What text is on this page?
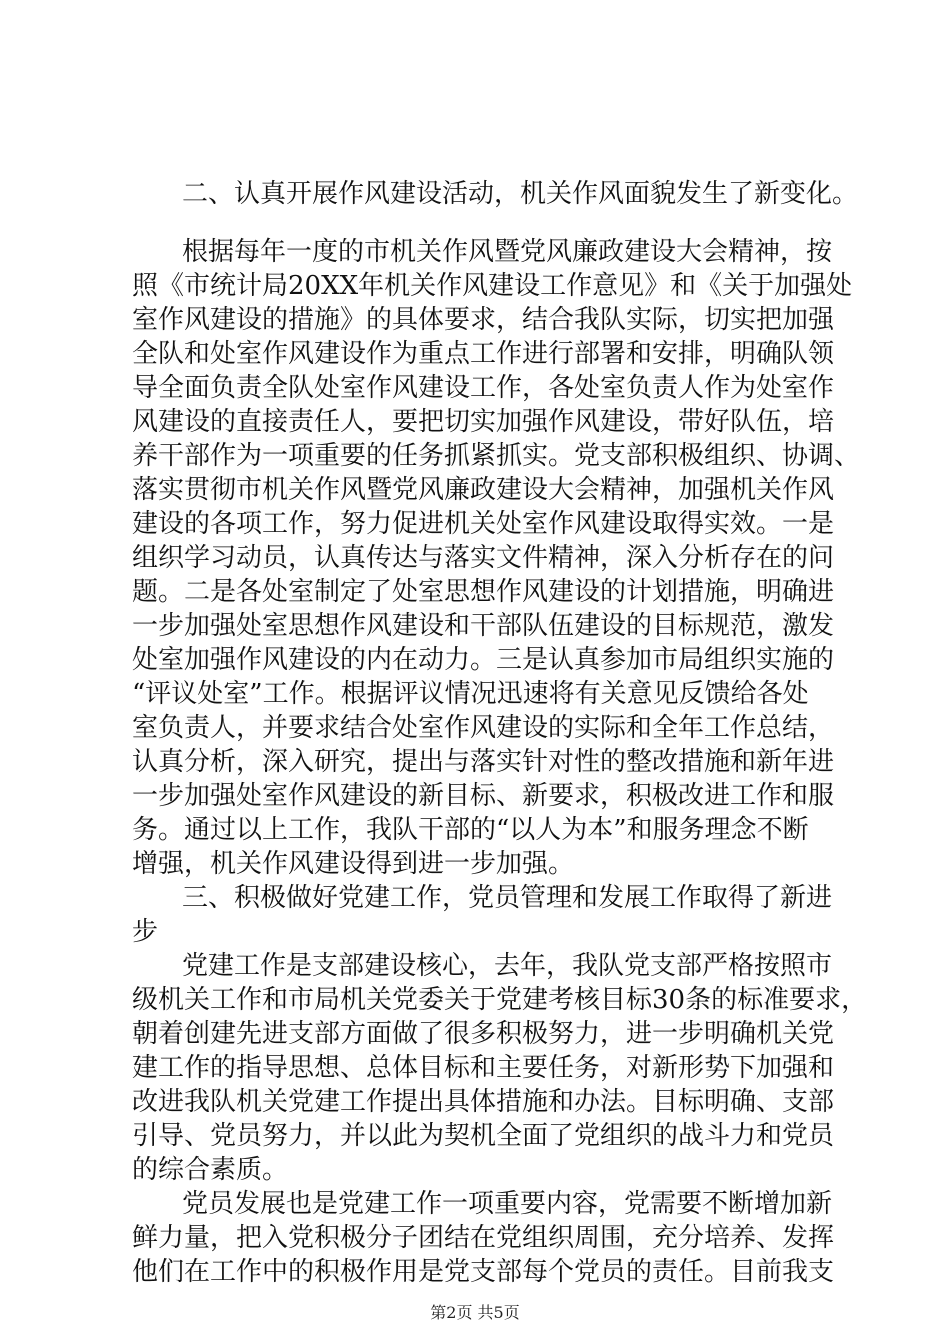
二、认真开展作风建设活动，机关作风面貌发生了新变化。
根据每年一度的市机关作风暨党风廉政建设大会精神，按
照《市统计局20XX年机关作风建设工作意见》和《关于加强处
室作风建设的措施》的具体要求，结合我队实际，切实把加强
全队和处室作风建设作为重点工作进行部署和安排，明确队领
导全面负责全队处室作风建设工作，各处室负责人作为处室作
风建设的直接责任人，要把切实加强作风建设，带好队伍，培
养干部作为一项重要的任务抓紧抓实。党支部积极组织、协调、
落实贯彻市机关作风暨党风廉政建设大会精神，加强机关作风
建设的各项工作，努力促进机关处室作风建设取得实效。一是
组织学习动员，认真传达与落实文件精神，深入分析存在的问
题。二是各处室制定了处室思想作风建设的计划措施，明确进
一步加强处室思想作风建设和干部队伍建设的目标规范，激发
处室加强作风建设的内在动力。三是认真参加市局组织实施的
“评议处室”工作。根据评议情况迅速将有关意见反馈给各处
室负责人，并要求结合处室作风建设的实际和全年工作总结，
认真分析，深入研究，提出与落实针对性的整改措施和新年进
一步加强处室作风建设的新目标、新要求，积极改进工作和服
务。通过以上工作，我队干部的“以人为本”和服务理念不断
增强，机关作风建设得到进一步加强。
三、积极做好党建工作，党员管理和发展工作取得了新进
步
党建工作是支部建设核心，去年，我队党支部严格按照市
级机关工作和市局机关党委关于党建考核目标30条的标准要求，
朝着创建先进支部方面做了很多积极努力，进一步明确机关党
建工作的指导思想、总体目标和主要任务，对新形势下加强和
改进我队机关党建工作提出具体措施和办法。目标明确、支部
引导、党员努力，并以此为契机全面了党组织的战斗力和党员
的综合素质。
党员发展也是党建工作一项重要内容，党需要不断增加新
鲜力量，把入党积极分子团结在党组织周围，充分培养、发挥
他们在工作中的积极作用是党支部每个党员的责任。目前我支
第2页 共5页
